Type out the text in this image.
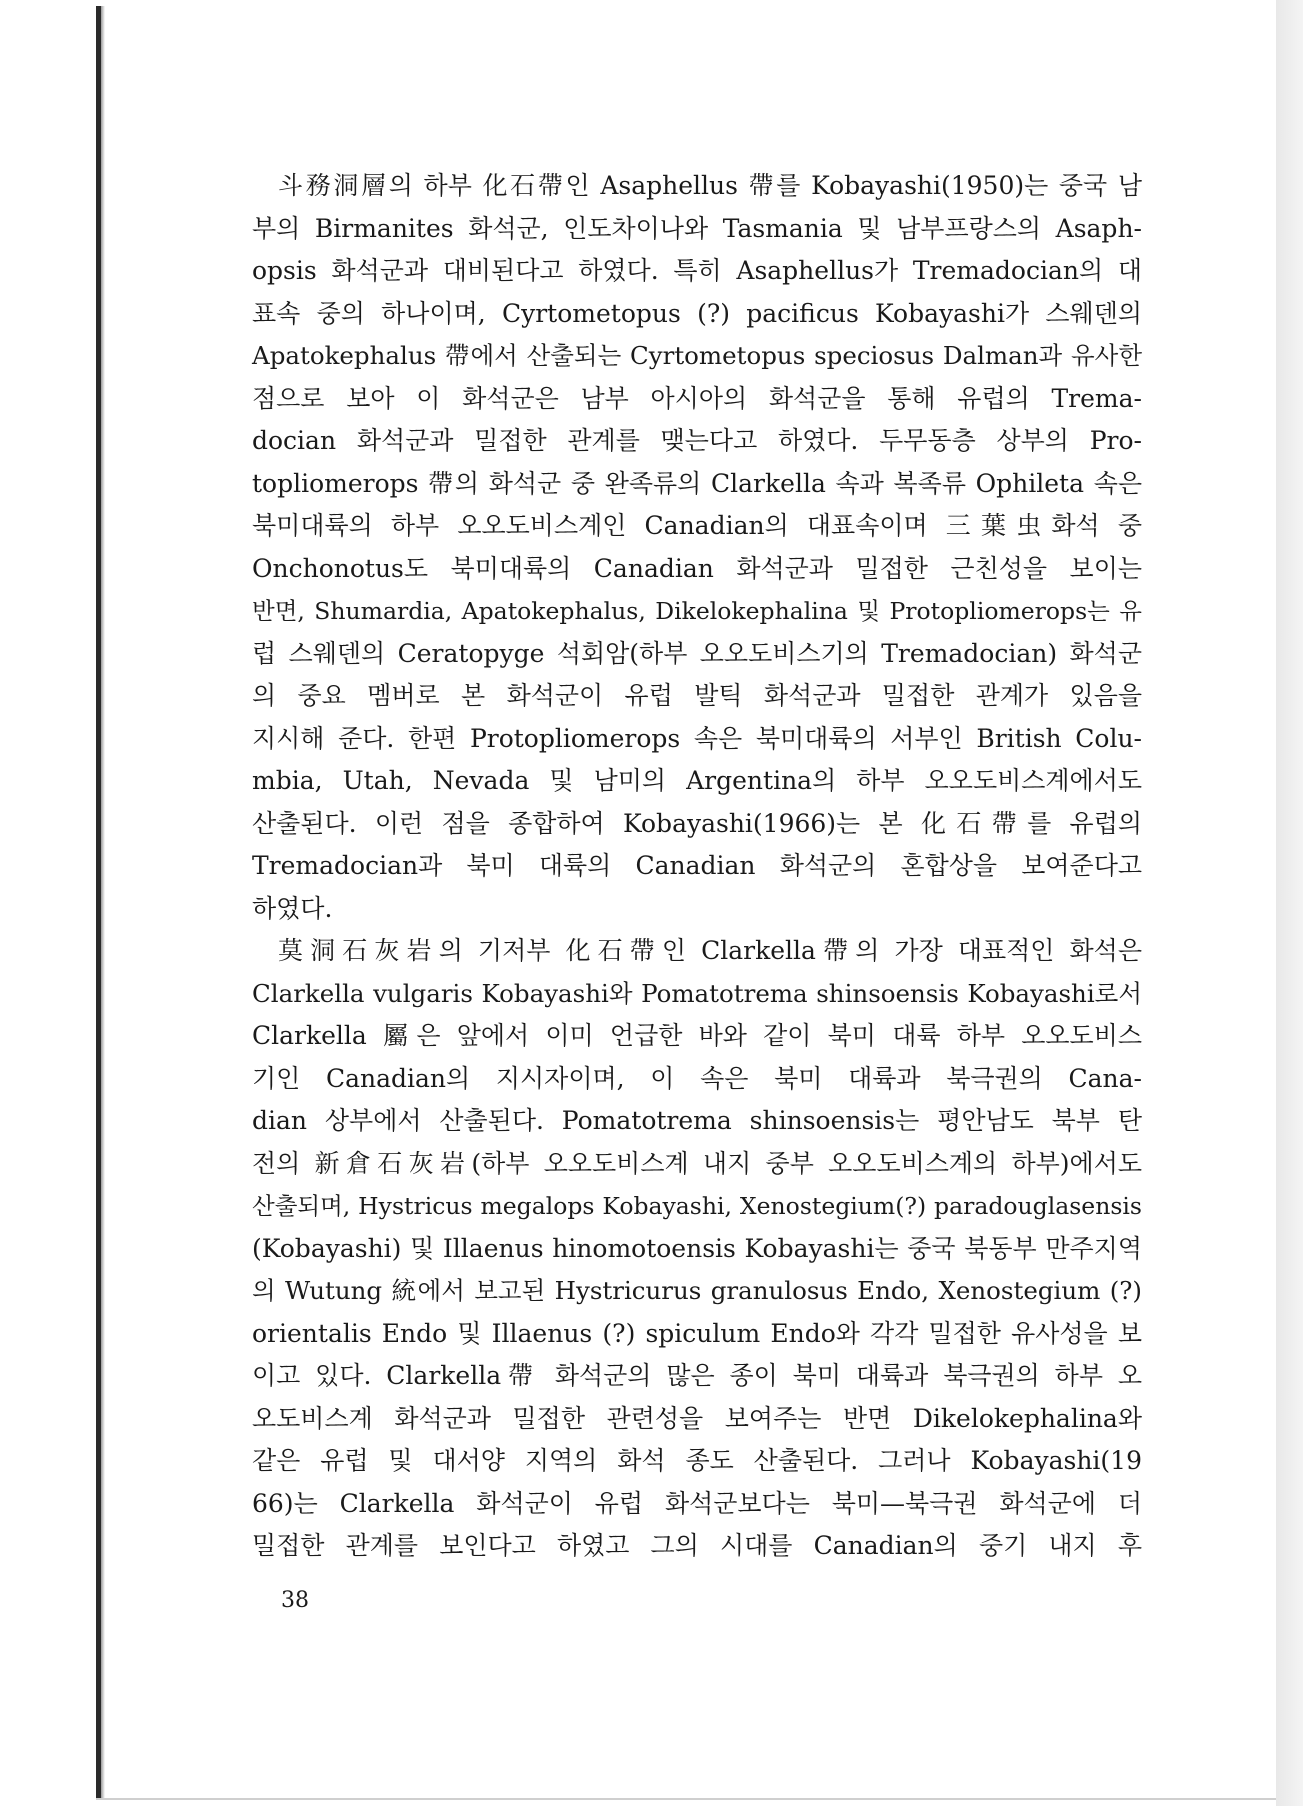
斗務洞層의 하부 化石帶인 Asaphellus 帶를 Kobayashi(1950)는 중국 남
부의 Birmanites 화석군, 인도차이나와 Tasmania 및 남부프랑스의 Asaph-
opsis 화석군과 대비된다고 하였다. 특히 Asaphellus가 Tremadocian의 대
표속 중의 하나이며, Cyrtometopus (?) pacificus Kobayashi가 스웨덴의
Apatokephalus 帶에서 산출되는 Cyrtometopus speciosus Dalman과 유사한
점으로 보아 이 화석군은 남부 아시아의 화석군을 통해 유럽의 Trema-
docian 화석군과 밀접한 관계를 맺는다고 하였다. 두무동층 상부의 Pro-
topliomerops 帶의 화석군 중 완족류의 Clarkella 속과 복족류 Ophileta 속은
북미대륙의 하부 오오도비스계인 Canadian의 대표속이며 三葉虫화석 중
Onchonotus도 북미대륙의 Canadian 화석군과 밀접한 근친성을 보이는
반면, Shumardia, Apatokephalus, Dikelokephalina 및 Protopliomerops는 유
럽 스웨덴의 Ceratopyge 석회암(하부 오오도비스기의 Tremadocian) 화석군
의 중요 멤버로 본 화석군이 유럽 발틱 화석군과 밀접한 관계가 있음을
지시해 준다. 한편 Protopliomerops 속은 북미대륙의 서부인 British Colu-
mbia, Utah, Nevada 및 남미의 Argentina의 하부 오오도비스계에서도
산출된다. 이런 점을 종합하여 Kobayashi(1966)는 본 化石帶를 유럽의
Tremadocian과 북미 대륙의 Canadian 화석군의 혼합상을 보여준다고
하였다.
莫洞石灰岩의 기저부 化石帶인 Clarkella帶의 가장 대표적인 화석은
Clarkella vulgaris Kobayashi와 Pomatotrema shinsoensis Kobayashi로서
Clarkella 屬은 앞에서 이미 언급한 바와 같이 북미 대륙 하부 오오도비스
기인 Canadian의 지시자이며, 이 속은 북미 대륙과 북극권의 Cana-
dian 상부에서 산출된다. Pomatotrema shinsoensis는 평안남도 북부 탄
전의 新倉石灰岩(하부 오오도비스계 내지 중부 오오도비스계의 하부)에서도
산출되며, Hystricus megalops Kobayashi, Xenostegium(?) paradouglasensis
(Kobayashi) 및 Illaenus hinomotoensis Kobayashi는 중국 북동부 만주지역
의 Wutung 統에서 보고된 Hystricurus granulosus Endo, Xenostegium (?)
orientalis Endo 및 Illaenus (?) spiculum Endo와 각각 밀접한 유사성을 보
이고 있다. Clarkella帶 화석군의 많은 종이 북미 대륙과 북극권의 하부 오
오도비스계 화석군과 밀접한 관련성을 보여주는 반면 Dikelokephalina와
같은 유럽 및 대서양 지역의 화석 종도 산출된다. 그러나 Kobayashi(19
66)는 Clarkella 화석군이 유럽 화석군보다는 북미—북극권 화석군에 더
밀접한 관계를 보인다고 하였고 그의 시대를 Canadian의 중기 내지 후
38
